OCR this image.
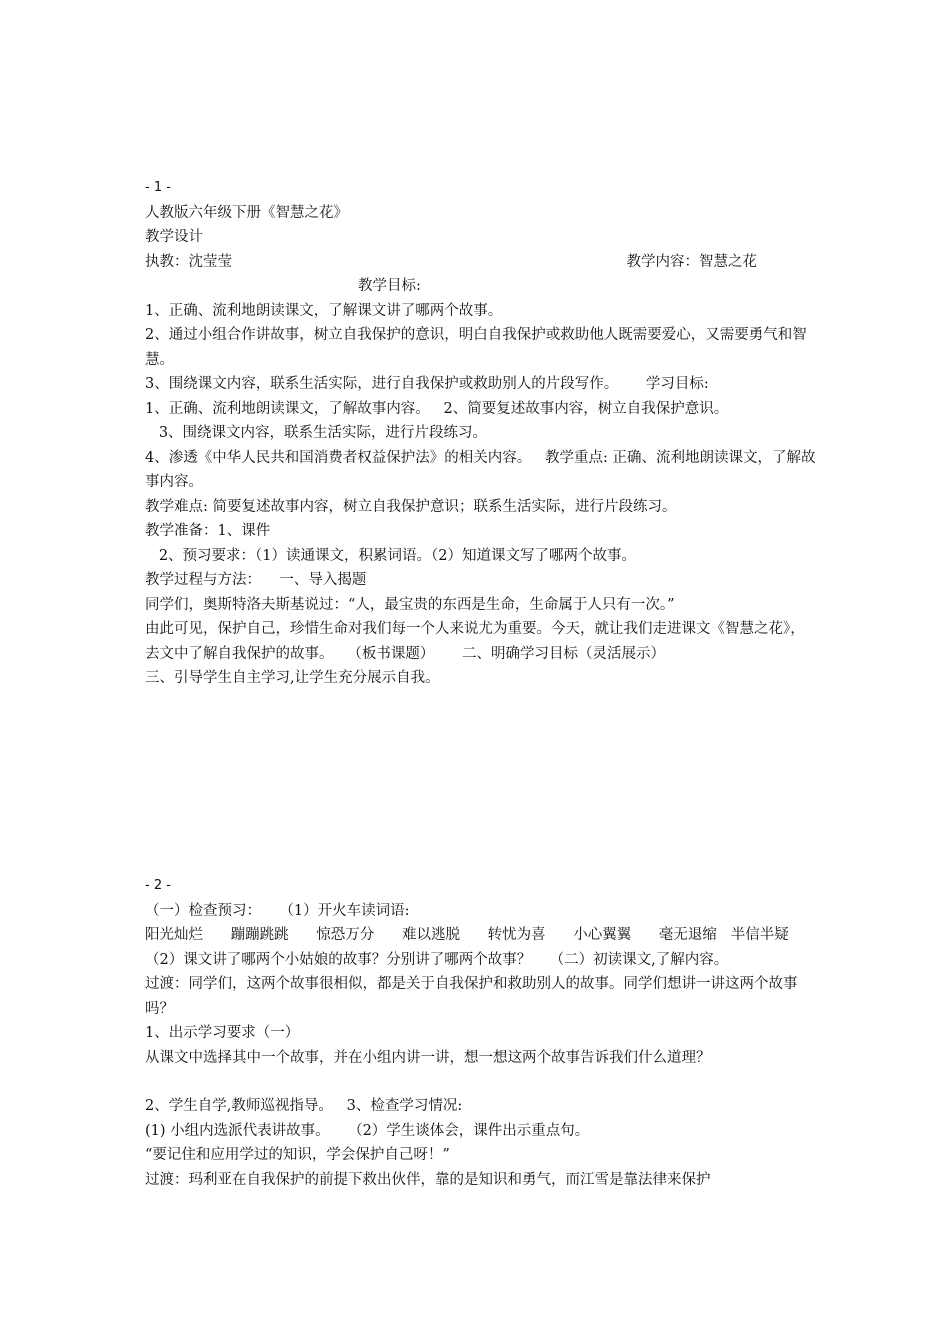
- 1 -
人教版六年级下册《智慧之花》
教学设计
执教：沈莹莹	教学内容：智慧之花
教学目标:
1、正确、流利地朗读课文，了解课文讲了哪两个故事。
2、通过小组合作讲故事，树立自我保护的意识，明白自我保护或救助他人既需要爱心，又需要勇气和智慧。
3、围绕课文内容，联系生活实际，进行自我保护或救助别人的片段写作。      学习目标:
1、正确、流利地朗读课文，了解故事内容。   2、简要复述故事内容，树立自我保护意识。
3、围绕课文内容，联系生活实际，进行片段练习。
4、渗透《中华人民共和国消费者权益保护法》的相关内容。   教学重点: 正确、流利地朗读课文，了解故事内容。
教学难点: 简要复述故事内容，树立自我保护意识；联系生活实际，进行片段练习。
教学准备：1、课件
2、预习要求：（1）读通课文，积累词语。（2）知道课文写了哪两个故事。
教学过程与方法：    一、导入揭题
同学们，奥斯特洛夫斯基说过：“人，最宝贵的东西是生命，生命属于人只有一次。”
由此可见，保护自己，珍惜生命对我们每一个人来说尤为重要。今天，就让我们走进课文《智慧之花》，去文中了解自我保护的故事。   （板书课题）      二、明确学习目标（灵活展示）
三、引导学生自主学习,让学生充分展示自我。
- 2 -
（一）检查预习：    （1）开火车读词语:
阳光灿烂      蹦蹦跳跳      惊恐万分      难以逃脱      转忧为喜      小心翼翼      毫无退缩   半信半疑（2）课文讲了哪两个小姑娘的故事？分别讲了哪两个故事？    （二）初读课文,了解内容。
过渡：同学们，这两个故事很相似，都是关于自我保护和救助别人的故事。同学们想讲一讲这两个故事吗？
1、出示学习要求（一）
从课文中选择其中一个故事，并在小组内讲一讲，想一想这两个故事告诉我们什么道理？
2、学生自学,教师巡视指导。   3、检查学习情况:
(1) 小组内选派代表讲故事。    （2）学生谈体会，课件出示重点句。
“要记住和应用学过的知识，学会保护自己呀！”
过渡：玛利亚在自我保护的前提下救出伙伴，靠的是知识和勇气，而江雪是靠法律来保护
